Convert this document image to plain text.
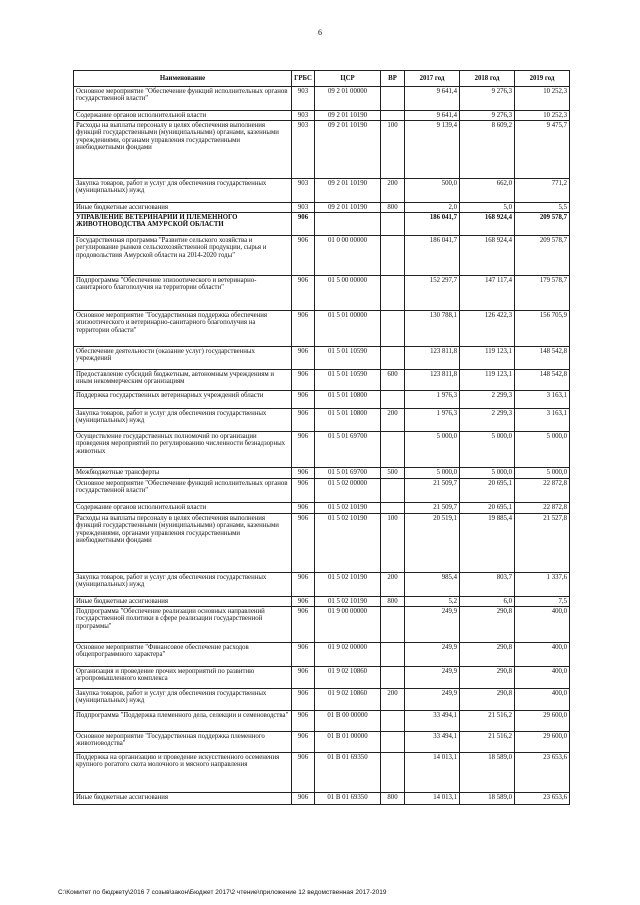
6
Наименование	ГРБС	ЦСР	ВР	2017 год	2018 год	2019 год
Основное мероприятие "Обеспечение функций исполнительных органов государственной власти"	903	09 2 01 00000		9 641,4	9 276,3	10 252,3
Содержание органов исполнительной власти	903	09 2 01 10190		9 641,4	9 276,3	10 252,3
Расходы на выплаты персоналу в целях обеспечения выполнения функций государственными (муниципальными) органами, казенными учреждениями, органами управления государственными внебюджетными фондами	903	09 2 01 10190	100	9 139,4	8 609,2	9 475,7
Закупка товаров, работ и услуг для обеспечения государственных (муниципальных) нужд	903	09 2 01 10190	200	500,0	662,0	771,2
Иные бюджетные ассигнования	903	09 2 01 10190	800	2,0	5,0	5,5
УПРАВЛЕНИЕ ВЕТЕРИНАРИИ И ПЛЕМЕННОГО ЖИВОТНОВОДСТВА АМУРСКОЙ ОБЛАСТИ	906			186 041,7	168 924,4	209 578,7
Государственная программа "Развитие сельского хозяйства и регулирование рынков сельскохозяйственной продукции, сырья и продовольствия Амурской области на 2014-2020 годы"	906	01 0 00 00000		186 041,7	168 924,4	209 578,7
Подпрограмма "Обеспечение эпизоотического и ветеринарно-санитарного благополучия на территории области"	906	01 5 00 00000		152 297,7	147 117,4	179 578,7
Основное мероприятие "Государственная поддержка обеспечения эпизоотического и ветеринарно-санитарного благополучия на территории области"	906	01 5 01 00000		130 788,1	126 422,3	156 705,9
Обеспечение деятельности (оказание услуг) государственных учреждений	906	01 5 01 10590		123 811,8	119 123,1	148 542,8
Предоставление субсидий бюджетным, автономным учреждениям и иным некоммерческим организациям	906	01 5 01 10590	600	123 811,8	119 123,1	148 542,8
Поддержка государственных ветеринарных учреждений области	906	01 5 01 10800		1 976,3	2 299,3	3 163,1
Закупка товаров, работ и услуг для обеспечения государственных (муниципальных) нужд	906	01 5 01 10800	200	1 976,3	2 299,3	3 163,1
Осуществление государственных полномочий по организации проведения мероприятий по регулированию численности безнадзорных животных	906	01 5 01 69700		5 000,0	5 000,0	5 000,0
Межбюджетные трансферты	906	01 5 01 69700	500	5 000,0	5 000,0	5 000,0
Основное мероприятие "Обеспечение функций исполнительных органов государственной власти"	906	01 5 02 00000		21 509,7	20 695,1	22 872,8
Содержание органов исполнительной власти	906	01 5 02 10190		21 509,7	20 695,1	22 872,8
Расходы на выплаты персоналу в целях обеспечения выполнения функций государственными (муниципальными) органами, казенными учреждениями, органами управления государственными внебюджетными фондами	906	01 5 02 10190	100	20 519,1	19 885,4	21 527,8
Закупка товаров, работ и услуг для обеспечения государственных (муниципальных) нужд	906	01 5 02 10190	200	985,4	803,7	1 337,6
Иные бюджетные ассигнования	906	01 5 02 10190	800	5,2	6,0	7,5
Подпрограмма "Обеспечение реализации основных направлений государственной политики в сфере реализации государственной программы"	906	01 9 00 00000		249,9	290,8	400,0
Основное мероприятие "Финансовое обеспечение расходов общепрограммного характера"	906	01 9 02 00000		249,9	290,8	400,0
Организация и проведение прочих мероприятий по развитию агропромышленного комплекса	906	01 9 02 10860		249,9	290,8	400,0
Закупка товаров, работ и услуг для обеспечения государственных (муниципальных) нужд	906	01 9 02 10860	200	249,9	290,8	400,0
Подпрограмма "Поддержка племенного дела, селекции и семеноводства"	906	01 В 00 00000		33 494,1	21 516,2	29 600,0
Основное мероприятие "Государственная поддержка племенного животноводства"	906	01 В 01 00000		33 494,1	21 516,2	29 600,0
Поддержка на организацию и проведение искусственного осеменения крупного рогатого скота молочного и мясного направления	906	01 В 01 69350		14 013,1	18 589,0	23 653,6
Иные бюджетные ассигнования	906	01 В 01 69350	800	14 013,1	18 589,0	23 653,6
C:\Комитет по бюджету\2016 7 созыв\закон\Бюджет 2017\2 чтение\приложение 12 ведомственная 2017-2019
